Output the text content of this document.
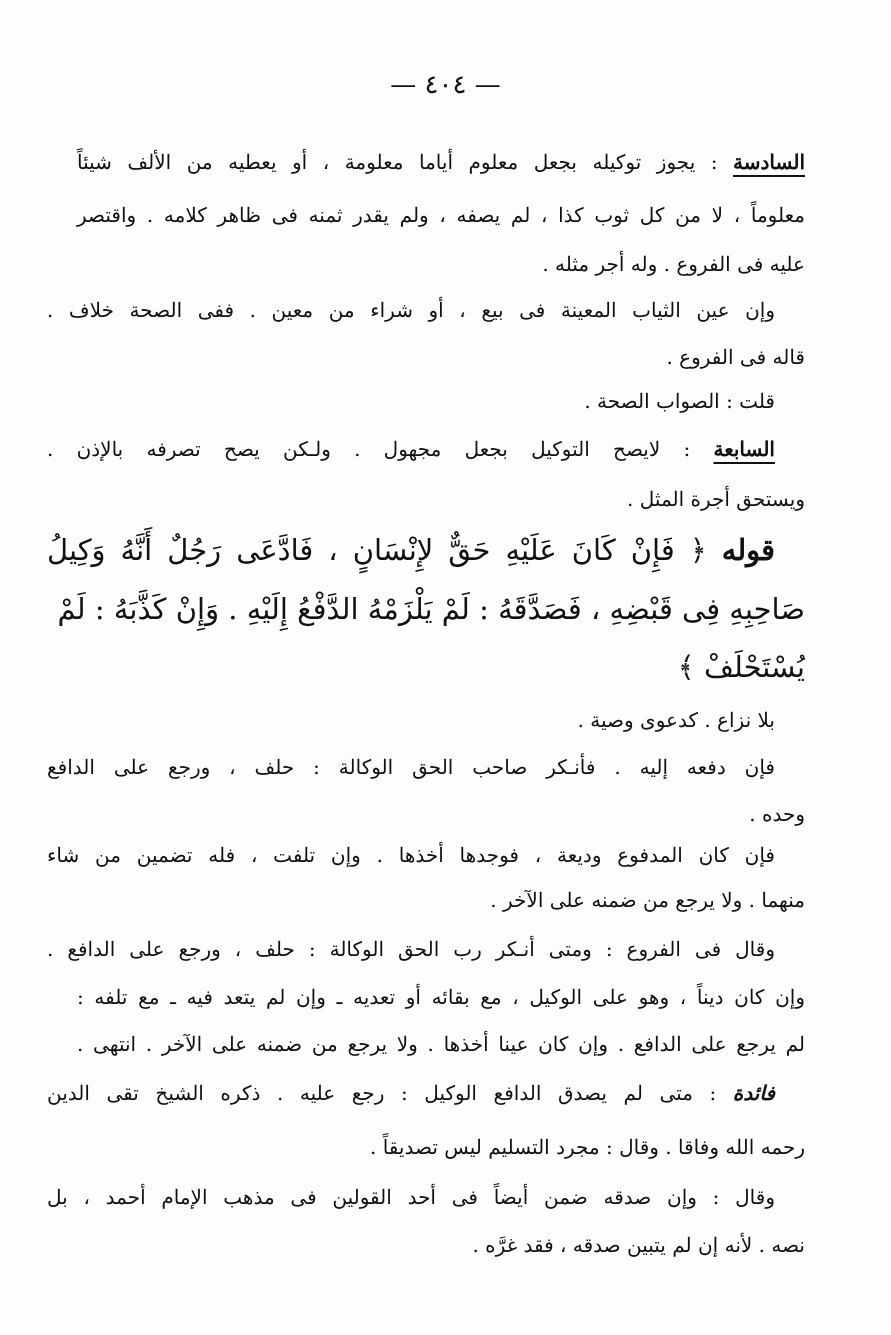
— ٤٠٤ —
السادسة : يجوز توكيله بجعل معلوم أياما معلومة ، أو يعطيه من الألف شيئاً
معلوماً ، لا من كل ثوب كذا ، لم يصفه ، ولم يقدر ثمنه فى ظاهر كلامه . واقتصر
عليه فى الفروع . وله أجر مثله .
وإن عين الثياب المعينة فى بيع ، أو شراء من معين . ففى الصحة خلاف .
قاله فى الفروع .
قلت : الصواب الصحة .
السابعة : لايصح التوكيل بجعل مجهول . ولـكن يصح تصرفه بالإذن .
ويستحق أجرة المثل .
قوله ﴿ فَإِنْ كَانَ عَلَيْهِ حَقٌّ لإِنْسَانٍ ، فَادَّعَى رَجُلٌ أَنَّهُ وَكِيلُ
صَاحِبِهِ فِى قَبْضِهِ ، فَصَدَّقَهُ : لَمْ يَلْزَمْهُ الدَّفْعُ إِلَيْهِ . وَإِنْ كَذَّبَهُ : لَمْ
يُسْتَحْلَفْ ﴾
بلا نزاع . كدعوى وصية .
فإن دفعه إليه . فأنـكر صاحب الحق الوكالة : حلف ، ورجع على الدافع
وحده .
فإن كان المدفوع وديعة ، فوجدها أخذها . وإن تلفت ، فله تضمين من شاء
منهما . ولا يرجع من ضمنه على الآخر .
وقال فى الفروع : ومتى أنـكر رب الحق الوكالة : حلف ، ورجع على الدافع .
وإن كان ديناً ، وهو على الوكيل ، مع بقائه أو تعديه ـ وإن لم يتعد فيه ـ مع تلفه :
لم يرجع على الدافع . وإن كان عينا أخذها . ولا يرجع من ضمنه على الآخر . انتهى .
فائدة : متى لم يصدق الدافع الوكيل : رجع عليه . ذكره الشيخ تقى الدين
رحمه الله وفاقا . وقال : مجرد التسليم ليس تصديقاً .
وقال : وإن صدقه ضمن أيضاً فى أحد القولين فى مذهب الإمام أحمد ، بل
نصه . لأنه إن لم يتبين صدقه ، فقد غرَّه .
